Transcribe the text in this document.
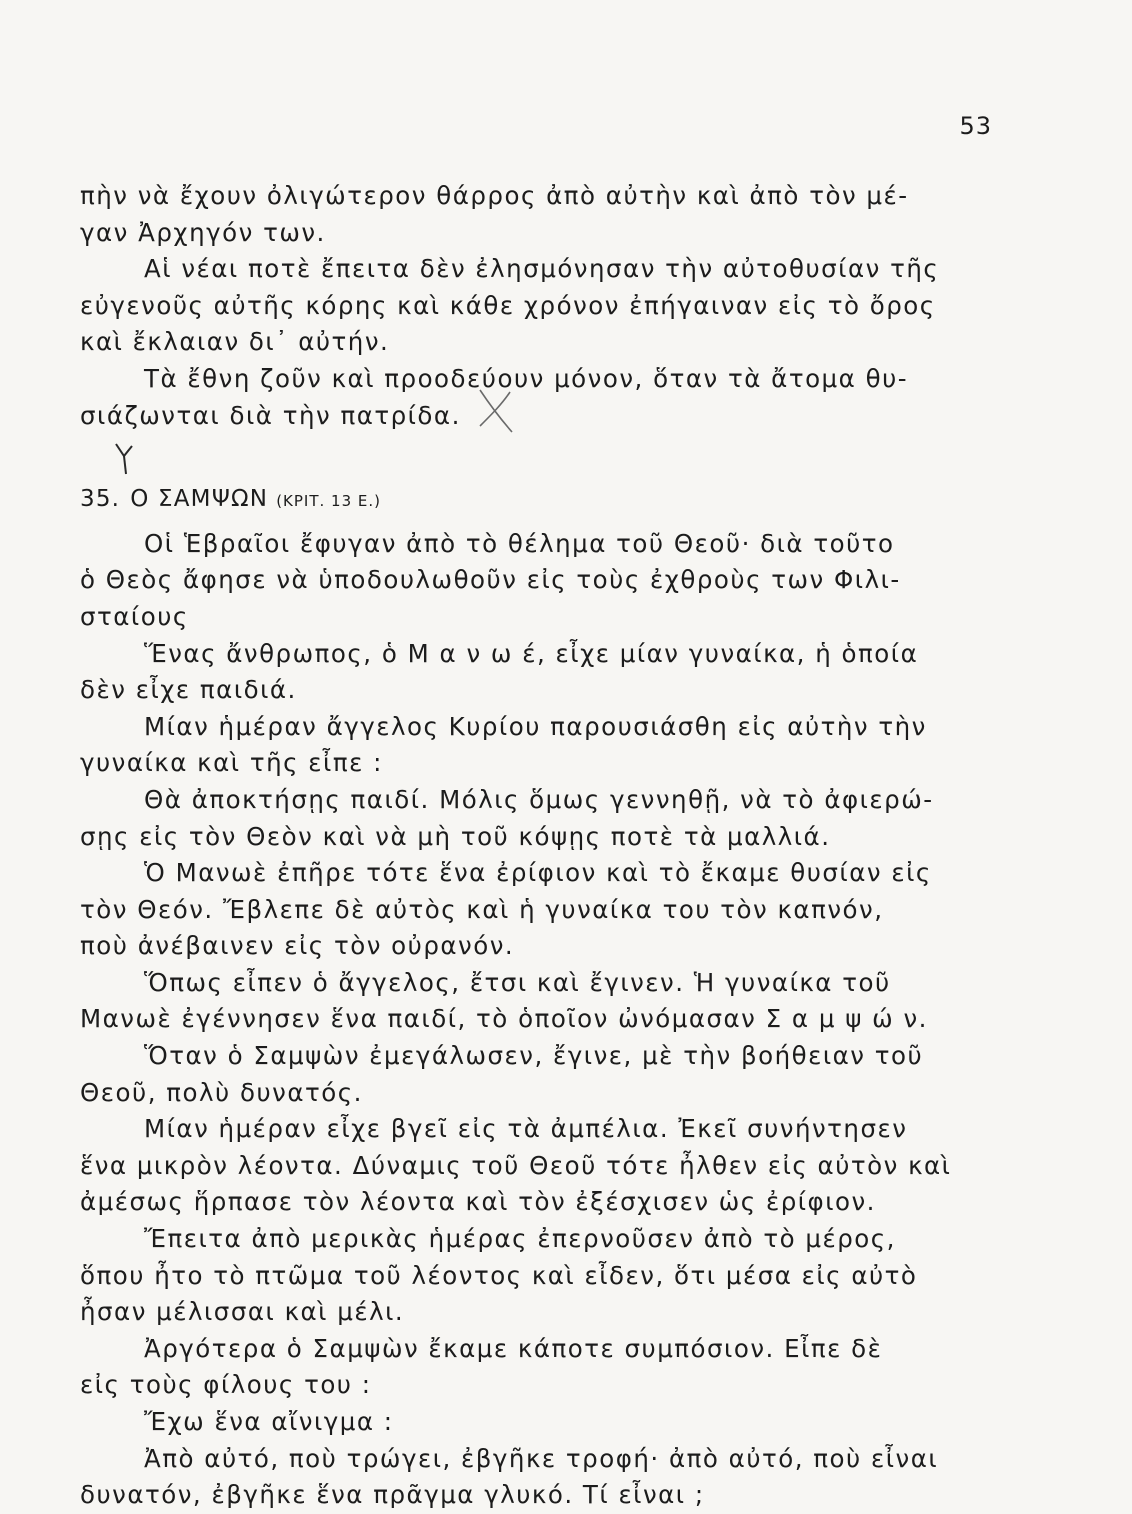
53
πὴν νὰ ἔχουν ὀλιγώτερον θάρρος ἀπὸ αὐτὴν καὶ ἀπὸ τὸν μέ-
γαν Ἀρχηγόν των.
Αἱ νέαι ποτὲ ἔπειτα δὲν ἐλησμόνησαν τὴν αὐτοθυσίαν τῆς
εὐγενοῦς αὐτῆς κόρης καὶ κάθε χρόνον ἐπήγαιναν εἰς τὸ ὄρος
καὶ ἔκλαιαν δι᾿ αὐτήν.
Τὰ ἔθνη ζοῦν καὶ προοδεύουν μόνον, ὅταν τὰ ἄτομα θυ-
σιάζωνται διὰ τὴν πατρίδα.
35. Ο ΣΑΜΨΩΝ (ΚΡΙΤ. 13 Ε.)
Οἱ Ἑβραῖοι ἔφυγαν ἀπὸ τὸ θέλημα τοῦ Θεοῦ· διὰ τοῦτο
ὁ Θεὸς ἄφησε νὰ ὑποδουλωθοῦν εἰς τοὺς ἐχθροὺς των Φιλι-
σταίους
Ἕνας ἄνθρωπος, ὁ Μ α ν ω έ, εἶχε μίαν γυναίκα, ἡ ὁποία
δὲν εἶχε παιδιά.
Μίαν ἡμέραν ἄγγελος Κυρίου παρουσιάσθη εἰς αὐτὴν τὴν
γυναίκα καὶ τῆς εἶπε :
Θὰ ἀποκτήσῃς παιδί. Μόλις ὅμως γεννηθῇ, νὰ τὸ ἀφιερώ-
σῃς εἰς τὸν Θεὸν καὶ νὰ μὴ τοῦ κόψῃς ποτὲ τὰ μαλλιά.
Ὁ Μανωὲ ἐπῆρε τότε ἕνα ἐρίφιον καὶ τὸ ἔκαμε θυσίαν εἰς
τὸν Θεόν. Ἔβλεπε δὲ αὐτὸς καὶ ἡ γυναίκα του τὸν καπνόν,
ποὺ ἀνέβαινεν εἰς τὸν οὐρανόν.
Ὅπως εἶπεν ὁ ἄγγελος, ἔτσι καὶ ἔγινεν. Ἡ γυναίκα τοῦ
Μανωὲ ἐγέννησεν ἕνα παιδί, τὸ ὁποῖον ὠνόμασαν Σ α μ ψ ώ ν.
Ὅταν ὁ Σαμψὼν ἐμεγάλωσεν, ἔγινε, μὲ τὴν βοήθειαν τοῦ
Θεοῦ, πολὺ δυνατός.
Μίαν ἡμέραν εἶχε βγεῖ εἰς τὰ ἀμπέλια. Ἐκεῖ συνήντησεν
ἕνα μικρὸν λέοντα. Δύναμις τοῦ Θεοῦ τότε ἦλθεν εἰς αὐτὸν καὶ
ἀμέσως ἥρπασε τὸν λέοντα καὶ τὸν ἐξέσχισεν ὡς ἐρίφιον.
Ἔπειτα ἀπὸ μερικὰς ἡμέρας ἐπερνοῦσεν ἀπὸ τὸ μέρος,
ὅπου ἦτο τὸ πτῶμα τοῦ λέοντος καὶ εἶδεν, ὅτι μέσα εἰς αὐτὸ
ἦσαν μέλισσαι καὶ μέλι.
Ἀργότερα ὁ Σαμψὼν ἔκαμε κάποτε συμπόσιον. Εἶπε δὲ
εἰς τοὺς φίλους του :
Ἔχω ἕνα αἴνιγμα :
Ἀπὸ αὐτό, ποὺ τρώγει, ἐβγῆκε τροφή· ἀπὸ αὐτό, ποὺ εἶναι
δυνατόν, ἐβγῆκε ἕνα πρᾶγμα γλυκό. Τί εἶναι ;
